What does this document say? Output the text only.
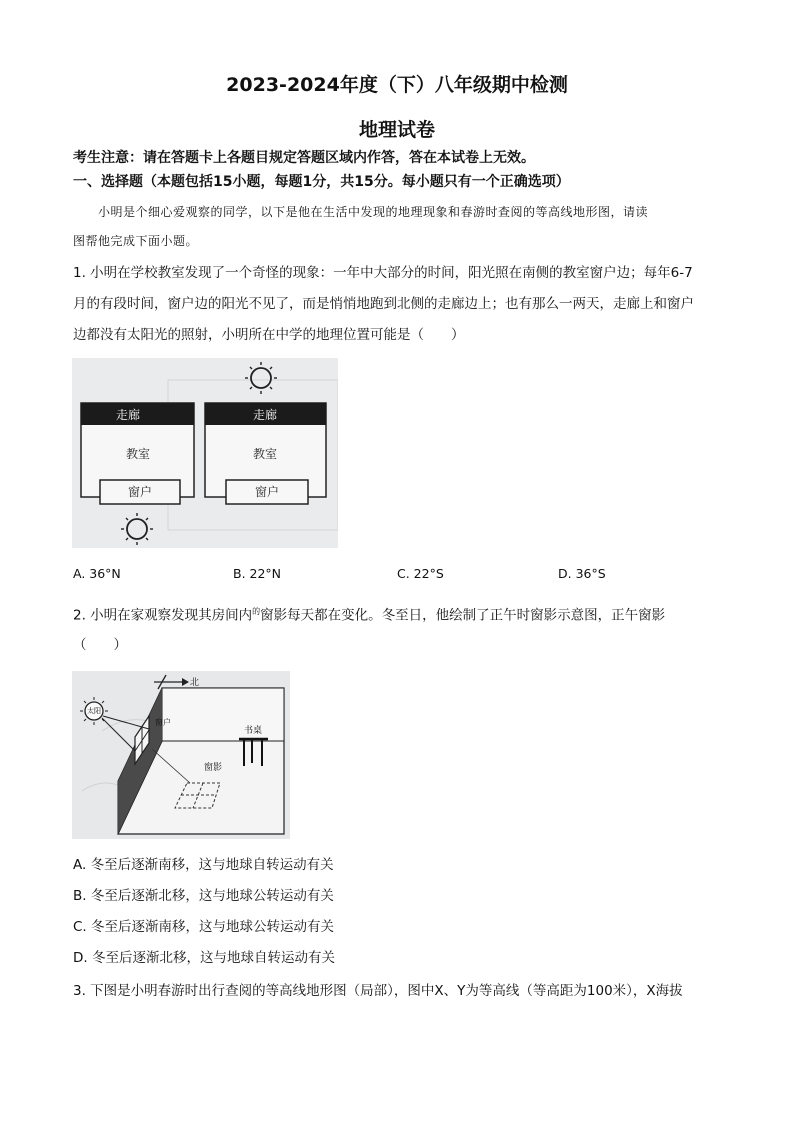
2023-2024年度（下）八年级期中检测
地理试卷
考生注意：请在答题卡上各题目规定答题区域内作答，答在本试卷上无效。
一、选择题（本题包括15小题，每题1分，共15分。每小题只有一个正确选项）
小明是个细心爱观察的同学，以下是他在生活中发现的地理现象和春游时查阅的等高线地形图，请读
图帮他完成下面小题。
1. 小明在学校教室发现了一个奇怪的现象：一年中大部分的时间，阳光照在南侧的教室窗户边；每年6-7
月的有段时间，窗户边的阳光不见了，而是悄悄地跑到北侧的走廊边上；也有那么一两天，走廊上和窗户
边都没有太阳光的照射，小明所在中学的地理位置可能是（　　）
走廊	走廊
教室	教室
窗户	窗户
A. 36°N	B. 22°N	C. 22°S	D. 36°S
2. 小明在家观察发现其房间内$^的$窗影每天都在变化。冬至日，他绘制了正午时窗影示意图，正午窗影
（　　）
北
太阳
窗户
书桌
窗影
A. 冬至后逐渐南移，这与地球自转运动有关
B. 冬至后逐渐北移，这与地球公转运动有关
C. 冬至后逐渐南移，这与地球公转运动有关
D. 冬至后逐渐北移，这与地球自转运动有关
3. 下图是小明春游时出行查阅的等高线地形图（局部），图中X、Y为等高线（等高距为100米），X海拔
